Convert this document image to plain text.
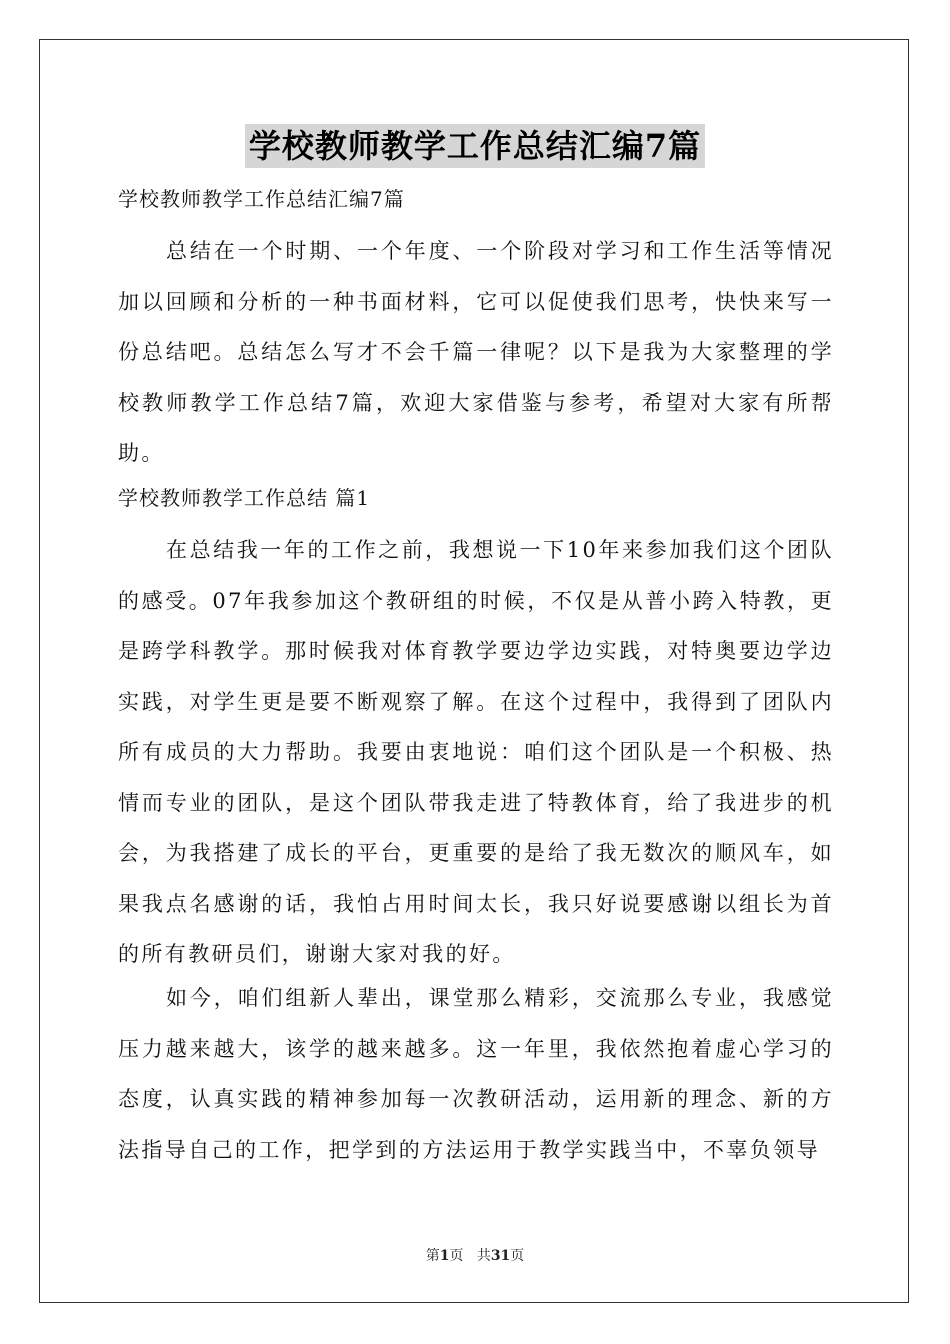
学校教师教学工作总结汇编7篇
学校教师教学工作总结汇编7篇

总结在一个时期、一个年度、一个阶段对学习和工作生活等情况加以回顾和分析的一种书面材料，它可以促使我们思考，快快来写一份总结吧。总结怎么写才不会千篇一律呢？以下是我为大家整理的学校教师教学工作总结7篇，欢迎大家借鉴与参考，希望对大家有所帮助。

学校教师教学工作总结 篇1

在总结我一年的工作之前，我想说一下10年来参加我们这个团队的感受。07年我参加这个教研组的时候，不仅是从普小跨入特教，更是跨学科教学。那时候我对体育教学要边学边实践，对特奥要边学边实践，对学生更是要不断观察了解。在这个过程中，我得到了团队内所有成员的大力帮助。我要由衷地说：咱们这个团队是一个积极、热情而专业的团队，是这个团队带我走进了特教体育，给了我进步的机会，为我搭建了成长的平台，更重要的是给了我无数次的顺风车，如果我点名感谢的话，我怕占用时间太长，我只好说要感谢以组长为首的所有教研员们，谢谢大家对我的好。

如今，咱们组新人辈出，课堂那么精彩，交流那么专业，我感觉压力越来越大，该学的越来越多。这一年里，我依然抱着虚心学习的态度，认真实践的精神参加每一次教研活动，运用新的理念、新的方法指导自己的工作，把学到的方法运用于教学实践当中，不辜负领导

第1页 共31页
